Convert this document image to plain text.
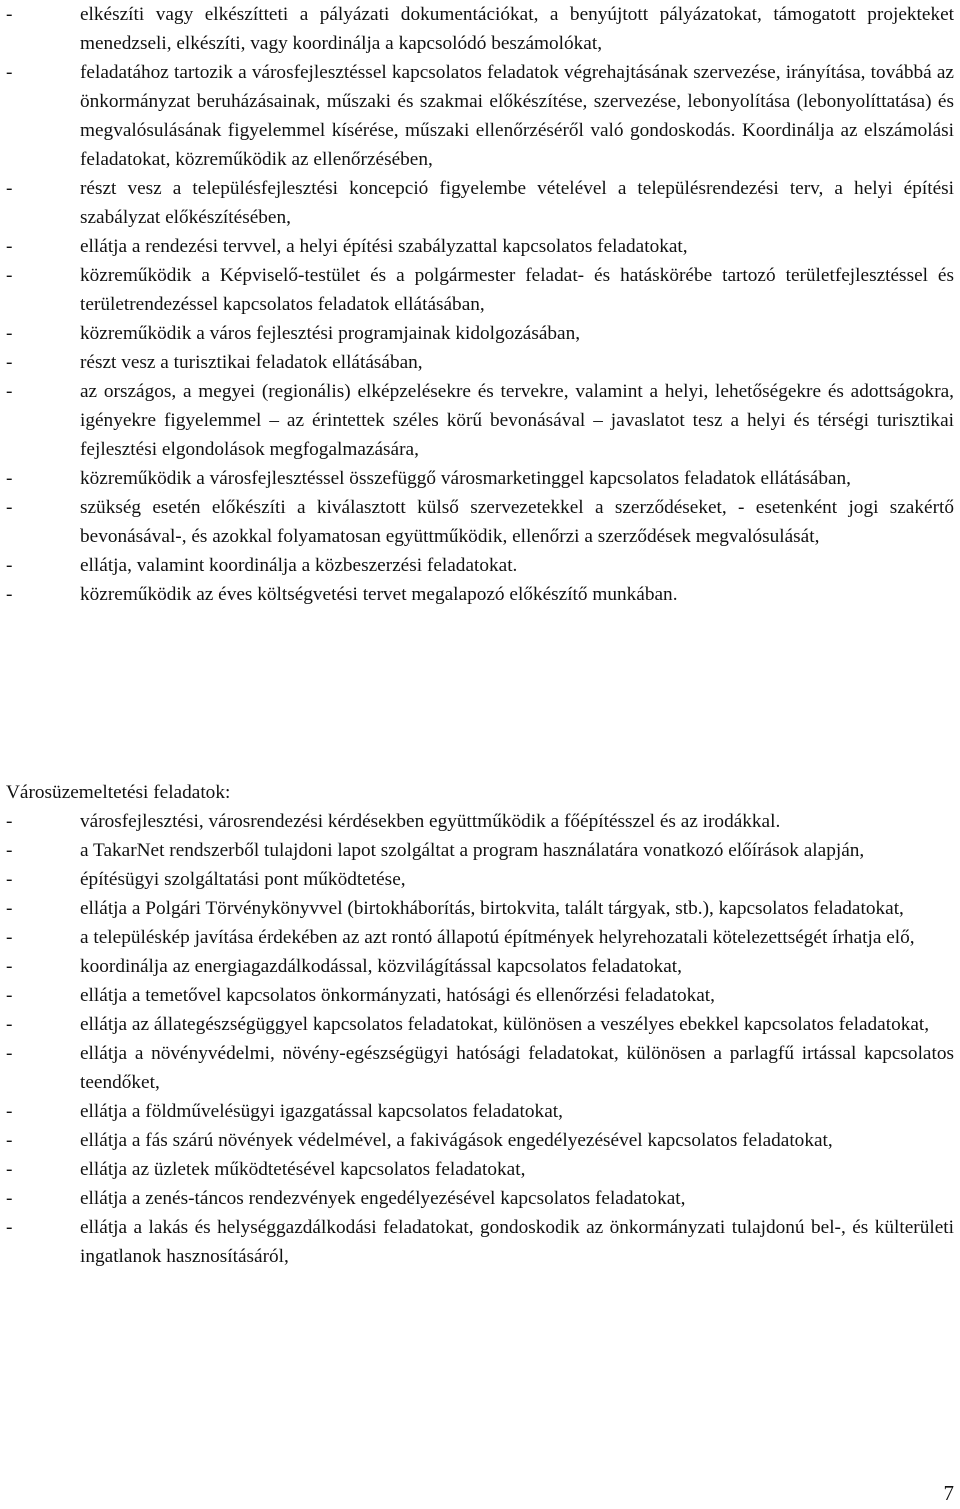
-	elkészíti vagy elkészítteti a pályázati dokumentációkat, a benyújtott pályázatokat, támogatott projekteket menedzseli, elkészíti, vagy koordinálja a kapcsolódó beszámolókat,
-	feladatához tartozik a városfejlesztéssel kapcsolatos feladatok végrehajtásának szervezése, irányítása, továbbá az önkormányzat beruházásainak, műszaki és szakmai előkészítése, szervezése, lebonyolítása (lebonyolíttatása) és megvalósulásának figyelemmel kísérése, műszaki ellenőrzéséről való gondoskodás. Koordinálja az elszámolási feladatokat, közreműködik az ellenőrzésében,
-	részt vesz a településfejlesztési koncepció figyelembe vételével a településrendezési terv, a helyi építési szabályzat előkészítésében,
-	ellátja a rendezési tervvel, a helyi építési szabályzattal kapcsolatos feladatokat,
-	közreműködik a Képviselő-testület és a polgármester feladat- és hatáskörébe tartozó területfejlesztéssel és területrendezéssel kapcsolatos feladatok ellátásában,
-	közreműködik a város fejlesztési programjainak kidolgozásában,
-	részt vesz a turisztikai feladatok ellátásában,
-	az országos, a megyei (regionális) elképzelésekre és tervekre, valamint a helyi, lehetőségekre és adottságokra, igényekre figyelemmel – az érintettek széles körű bevonásával – javaslatot tesz a helyi és térségi turisztikai fejlesztési elgondolások megfogalmazására,
-	közreműködik a városfejlesztéssel összefüggő városmarketinggel kapcsolatos feladatok ellátásában,
-	szükség esetén előkészíti a kiválasztott külső szervezetekkel a szerződéseket, - esetenként jogi szakértő bevonásával-, és azokkal folyamatosan együttműködik, ellenőrzi a szerződések megvalósulását,
-	ellátja, valamint koordinálja a közbeszerzési feladatokat.
-	közreműködik az éves költségvetési tervet megalapozó előkészítő munkában.
Városüzemeltetési feladatok:
-	városfejlesztési, városrendezési kérdésekben együttműködik a főépítésszel és az irodákkal.
-	a TakarNet rendszerből tulajdoni lapot szolgáltat a program használatára vonatkozó előírások alapján,
-	építésügyi szolgáltatási pont működtetése,
-	ellátja a Polgári Törvénykönyvvel (birtokháborítás, birtokvita, talált tárgyak, stb.), kapcsolatos feladatokat,
-	a településkép javítása érdekében az azt rontó állapotú építmények helyrehozatali kötelezettségét írhatja elő,
-	koordinálja az energiagazdálkodással, közvilágítással kapcsolatos feladatokat,
-	ellátja a temetővel kapcsolatos önkormányzati, hatósági és ellenőrzési feladatokat,
-	ellátja az állategészségüggyel kapcsolatos feladatokat, különösen a veszélyes ebekkel kapcsolatos feladatokat,
-	ellátja a növényvédelmi, növény-egészségügyi hatósági feladatokat, különösen a parlagfű irtással kapcsolatos teendőket,
-	ellátja a földművelésügyi igazgatással kapcsolatos feladatokat,
-	ellátja a fás szárú növények védelmével, a fakivágások engedélyezésével kapcsolatos feladatokat,
-	ellátja az üzletek működtetésével kapcsolatos feladatokat,
-	ellátja a zenés-táncos rendezvények engedélyezésével kapcsolatos feladatokat,
-	ellátja a lakás és helységgazdálkodási feladatokat, gondoskodik az önkormányzati tulajdonú bel-, és külterületi ingatlanok hasznosításáról,
7
